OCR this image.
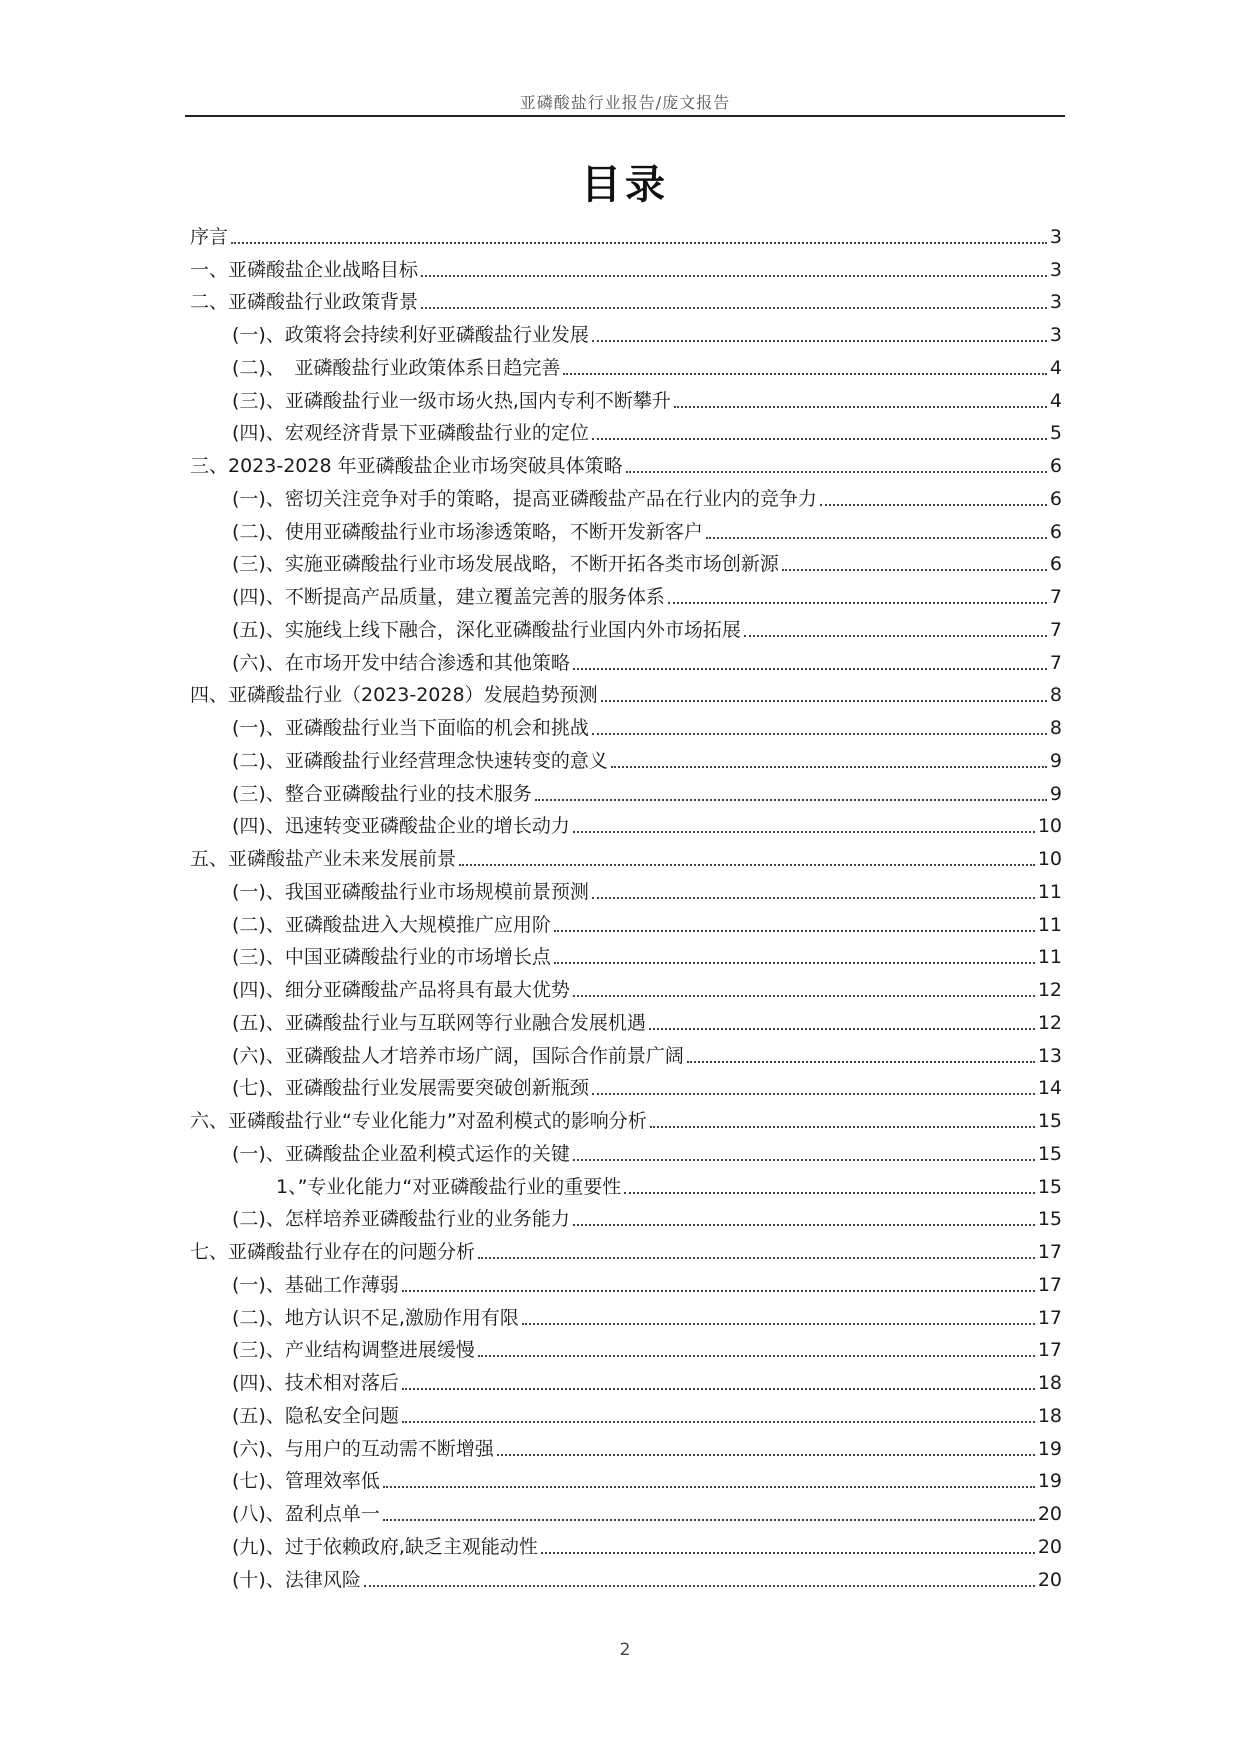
亚磷酸盐行业报告/庞文报告
目录
序言	3
一、亚磷酸盐企业战略目标	3
二、亚磷酸盐行业政策背景	3
(一)、政策将会持续利好亚磷酸盐行业发展	3
(二)、　亚磷酸盐行业政策体系日趋完善	4
(三)、亚磷酸盐行业一级市场火热,国内专利不断攀升	4
(四)、宏观经济背景下亚磷酸盐行业的定位	5
三、2023-2028 年亚磷酸盐企业市场突破具体策略	6
(一)、密切关注竞争对手的策略，提高亚磷酸盐产品在行业内的竞争力	6
(二)、使用亚磷酸盐行业市场渗透策略，不断开发新客户	6
(三)、实施亚磷酸盐行业市场发展战略，不断开拓各类市场创新源	6
(四)、不断提高产品质量，建立覆盖完善的服务体系	7
(五)、实施线上线下融合，深化亚磷酸盐行业国内外市场拓展	7
(六)、在市场开发中结合渗透和其他策略	7
四、亚磷酸盐行业（2023-2028）发展趋势预测	8
(一)、亚磷酸盐行业当下面临的机会和挑战	8
(二)、亚磷酸盐行业经营理念快速转变的意义	9
(三)、整合亚磷酸盐行业的技术服务	9
(四)、迅速转变亚磷酸盐企业的增长动力	10
五、亚磷酸盐产业未来发展前景	10
(一)、我国亚磷酸盐行业市场规模前景预测	11
(二)、亚磷酸盐进入大规模推广应用阶	11
(三)、中国亚磷酸盐行业的市场增长点	11
(四)、细分亚磷酸盐产品将具有最大优势	12
(五)、亚磷酸盐行业与互联网等行业融合发展机遇	12
(六)、亚磷酸盐人才培养市场广阔，国际合作前景广阔	13
(七)、亚磷酸盐行业发展需要突破创新瓶颈	14
六、亚磷酸盐行业“专业化能力”对盈利模式的影响分析	15
(一)、亚磷酸盐企业盈利模式运作的关键	15
1、”专业化能力“对亚磷酸盐行业的重要性	15
(二)、怎样培养亚磷酸盐行业的业务能力	15
七、亚磷酸盐行业存在的问题分析	17
(一)、基础工作薄弱	17
(二)、地方认识不足,激励作用有限	17
(三)、产业结构调整进展缓慢	17
(四)、技术相对落后	18
(五)、隐私安全问题	18
(六)、与用户的互动需不断增强	19
(七)、管理效率低	19
(八)、盈利点单一	20
(九)、过于依赖政府,缺乏主观能动性	20
(十)、法律风险	20
2
